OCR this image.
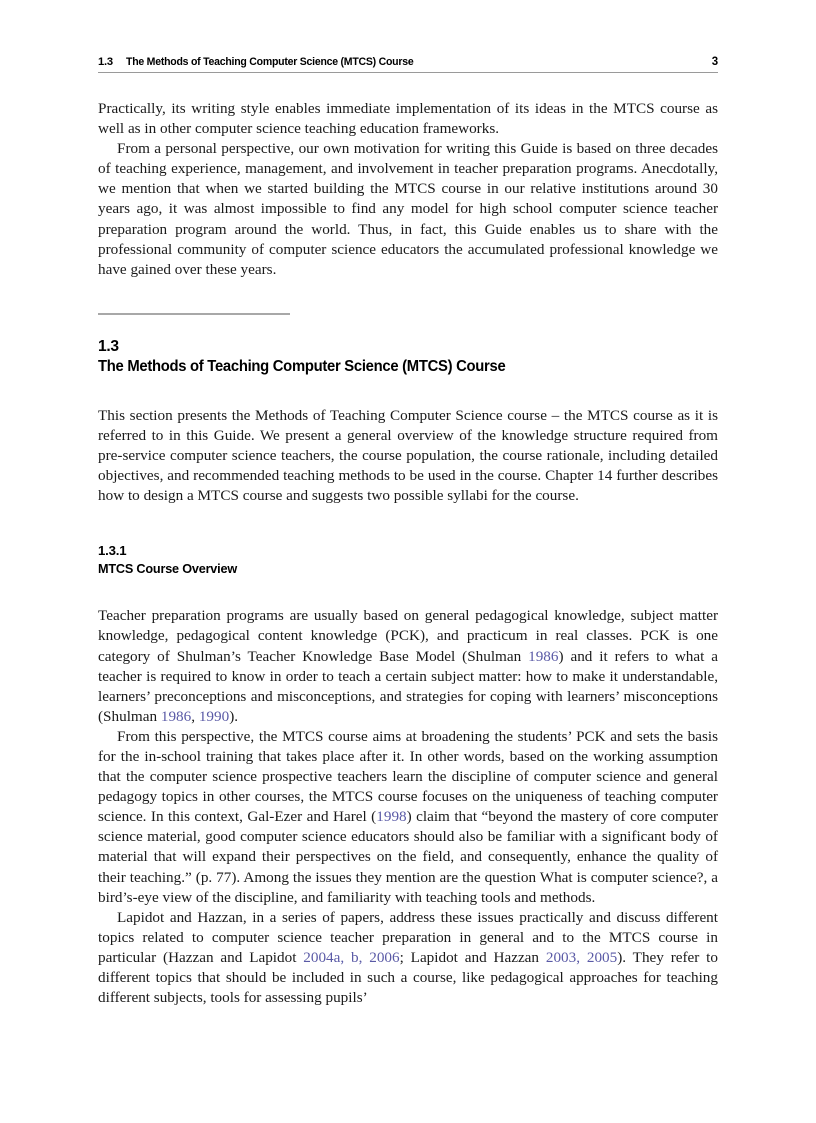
1.3 The Methods of Teaching Computer Science (MTCS) Course	3

Practically, its writing style enables immediate implementation of its ideas in the MTCS course as well as in other computer science teaching education frameworks.

From a personal perspective, our own motivation for writing this Guide is based on three decades of teaching experience, management, and involvement in teacher preparation programs. Anecdotally, we mention that when we started building the MTCS course in our relative institutions around 30 years ago, it was almost impossible to find any model for high school computer science teacher preparation program around the world. Thus, in fact, this Guide enables us to share with the professional community of computer science educators the accumulated professional knowledge we have gained over these years.

1.3
The Methods of Teaching Computer Science (MTCS) Course

This section presents the Methods of Teaching Computer Science course – the MTCS course as it is referred to in this Guide. We present a general overview of the knowledge structure required from pre-service computer science teachers, the course population, the course rationale, including detailed objectives, and recommended teaching methods to be used in the course. Chapter 14 further describes how to design a MTCS course and suggests two possible syllabi for the course.

1.3.1
MTCS Course Overview

Teacher preparation programs are usually based on general pedagogical knowledge, subject matter knowledge, pedagogical content knowledge (PCK), and practicum in real classes. PCK is one category of Shulman’s Teacher Knowledge Base Model (Shulman 1986) and it refers to what a teacher is required to know in order to teach a certain subject matter: how to make it understandable, learners’ preconceptions and misconceptions, and strategies for coping with learners’ misconceptions (Shulman 1986, 1990).

From this perspective, the MTCS course aims at broadening the students’ PCK and sets the basis for the in-school training that takes place after it. In other words, based on the working assumption that the computer science prospective teachers learn the discipline of computer science and general pedagogy topics in other courses, the MTCS course focuses on the uniqueness of teaching computer science. In this context, Gal-Ezer and Harel (1998) claim that “beyond the mastery of core computer science material, good computer science educators should also be familiar with a significant body of material that will expand their perspectives on the field, and consequently, enhance the quality of their teaching.” (p. 77). Among the issues they mention are the question What is computer science?, a bird’s-eye view of the discipline, and familiarity with teaching tools and methods.

Lapidot and Hazzan, in a series of papers, address these issues practically and discuss different topics related to computer science teacher preparation in general and to the MTCS course in particular (Hazzan and Lapidot 2004a, b, 2006; Lapidot and Hazzan 2003, 2005). They refer to different topics that should be included in such a course, like pedagogical approaches for teaching different subjects, tools for assessing pupils’
